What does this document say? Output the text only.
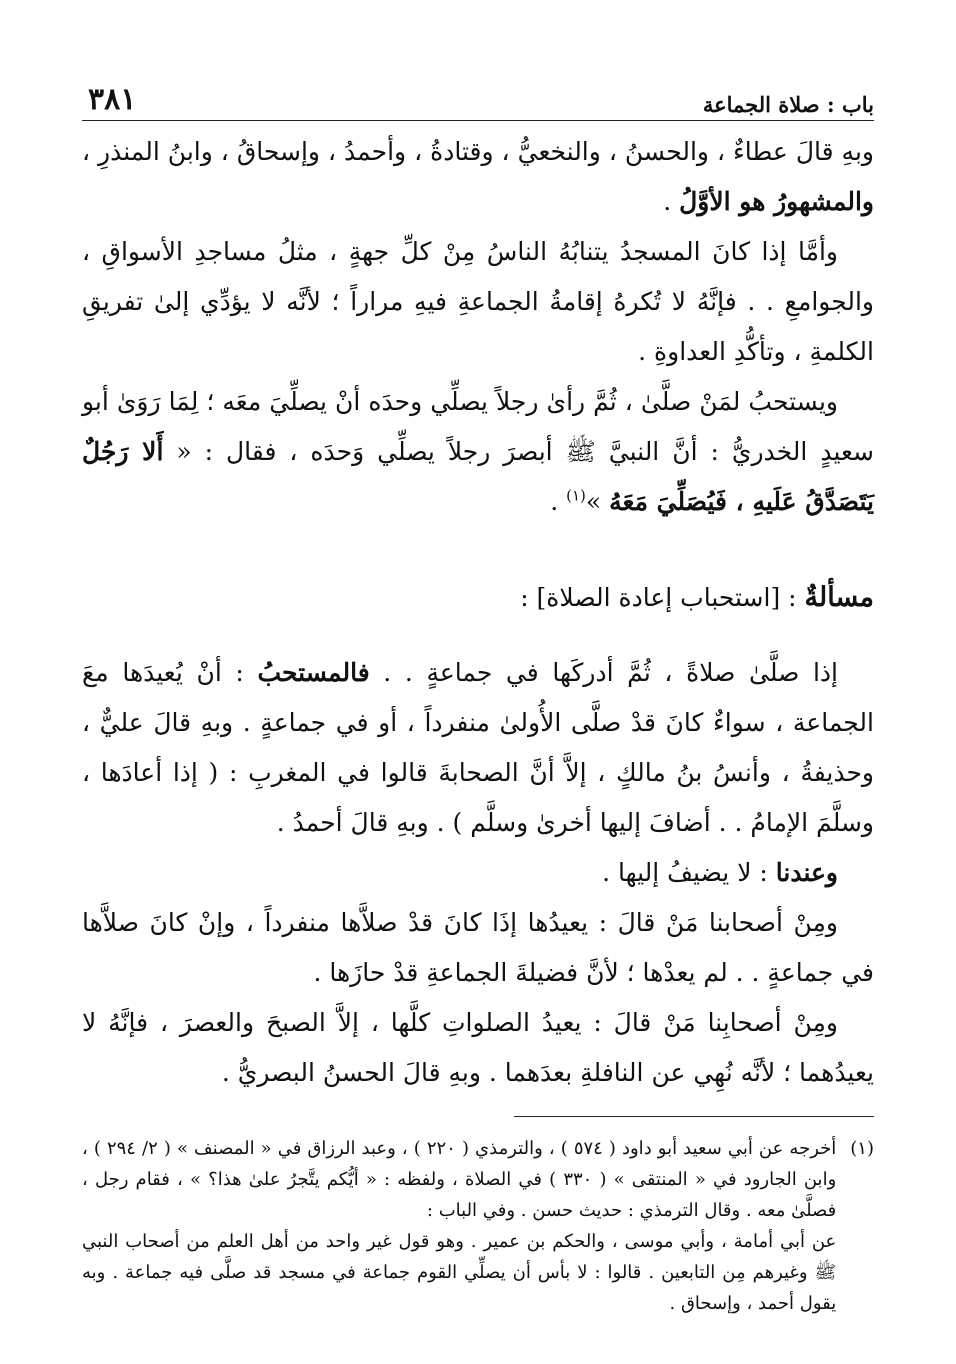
باب : صلاة الجماعة
٣٨١

وبهِ قالَ عطاءٌ ، والحسنُ ، والنخعيُّ ، وقتادةُ ، وأحمدُ ، وإسحاقُ ، وابنُ المنذرِ ، والمشهورُ هو الأوَّلُ .

وأمَّا إذا كانَ المسجدُ يتنابُهُ الناسُ مِنْ كلِّ جهةٍ ، مثلُ مساجدِ الأسواقِ ، والجوامعِ . . فإنَّهُ لا تُكرهُ إقامةُ الجماعةِ فيهِ مراراً ؛ لأنَّه لا يؤدِّي إلىٰ تفريقِ الكلمةِ ، وتأكُّدِ العداوةِ .

ويستحبُ لمَنْ صلَّىٰ ، ثُمَّ رأىٰ رجلاً يصلِّي وحدَه أنْ يصلِّيَ معَه ؛ لِمَا رَوَىٰ أبو سعيدٍ الخدريُّ : أنَّ النبيَّ ﷺ أبصرَ رجلاً يصلِّي وَحدَه ، فقال : « أَلا رَجُلٌ يَتَصَدَّقُ عَلَيهِ ، فَيُصَلِّيَ مَعَهُ »$^{(١)}$ .

مسألةٌ : [استحباب إعادة الصلاة] :

إذا صلَّىٰ صلاةً ، ثُمَّ أدركَها في جماعةٍ . . فالمستحبُ : أنْ يُعيدَها معَ الجماعة ، سواءٌ كانَ قدْ صلَّى الأُولىٰ منفرداً ، أو في جماعةٍ . وبهِ قالَ عليٌّ ، وحذيفةُ ، وأنسُ بنُ مالكٍ ، إلاَّ أنَّ الصحابةَ قالوا في المغربِ : ( إذا أعادَها ، وسلَّمَ الإمامُ . . أضافَ إليها أخرىٰ وسلَّم ) . وبهِ قالَ أحمدُ .

وعندنا : لا يضيفُ إليها .

ومِنْ أصحابنا مَنْ قالَ : يعيدُها إذَا كانَ قدْ صلاَّها منفرداً ، وإنْ كانَ صلاَّها في جماعةٍ . . لم يعدْها ؛ لأنَّ فضيلةَ الجماعةِ قدْ حازَها .

ومِنْ أصحابِنا مَنْ قالَ : يعيدُ الصلواتِ كلَّها ، إلاَّ الصبحَ والعصرَ ، فإنَّهُ لا يعيدُهما ؛ لأنَّه نُهِي عن النافلةِ بعدَهما . وبهِ قالَ الحسنُ البصريُّ .

(١)
أخرجه عن أبي سعيد أبو داود ( ٥٧٤ ) ، والترمذي ( ٢٢٠ ) ، وعبد الرزاق في « المصنف » ( ٢/ ٢٩٤ ) ، وابن الجارود في « المنتقى » ( ٣٣٠ ) في الصلاة ، ولفظه : « أيُّكم يتَّجرُ علىٰ هذا؟ » ، فقام رجل ، فصلَّىٰ معه . وقال الترمذي : حديث حسن . وفي الباب :
عن أبي أمامة ، وأبي موسى ، والحكم بن عمير . وهو قول غير واحد من أهل العلم من أصحاب النبي ﷺ وغيرهم مِن التابعين . قالوا : لا بأس أن يصلِّي القوم جماعة في مسجد قد صلَّى فيه جماعة . وبه يقول أحمد ، وإسحاق .
